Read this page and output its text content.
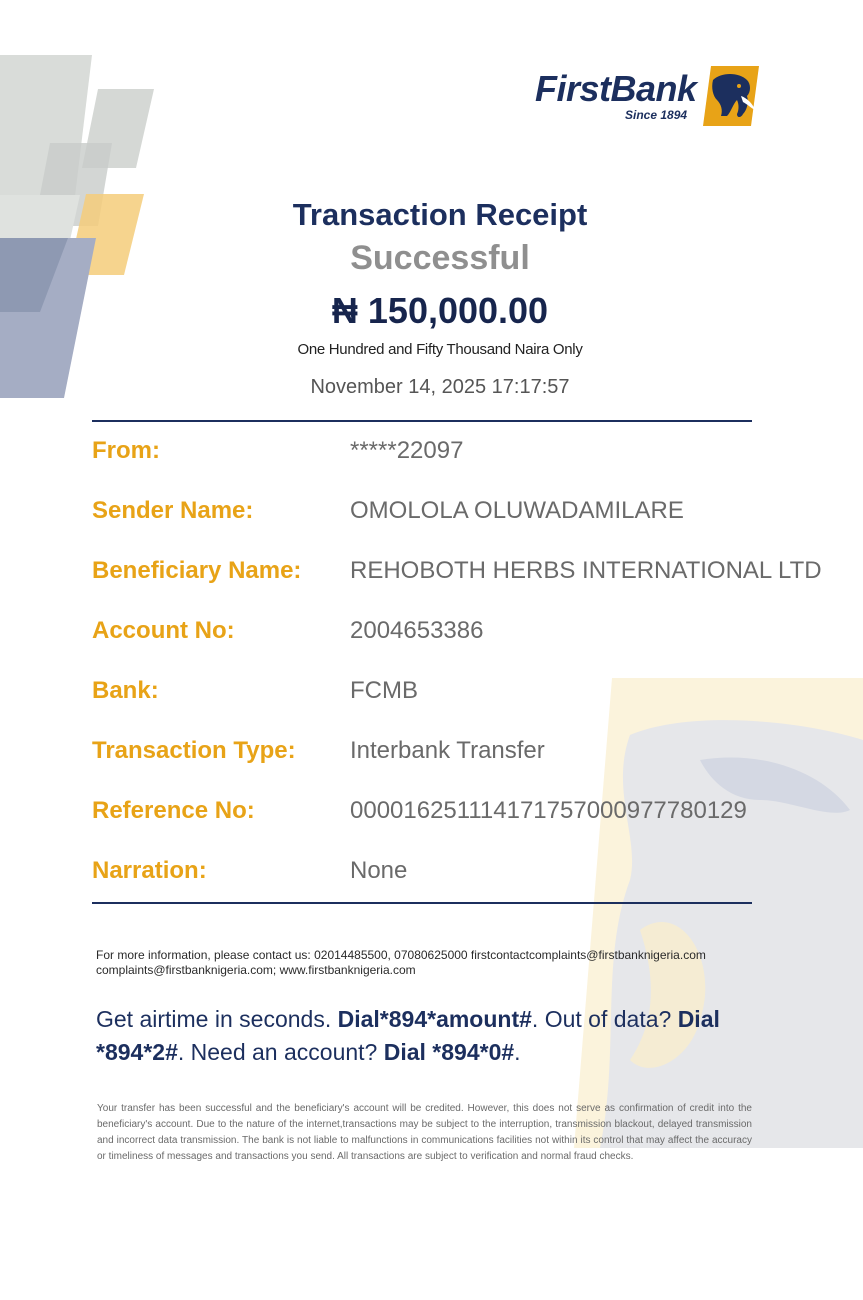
FirstBank
Since 1894
Transaction Receipt
Successful
₦ 150,000.00
One Hundred and Fifty Thousand Naira Only
November 14, 2025 17:17:57
From:	*****22097
Sender Name:	OMOLOLA OLUWADAMILARE
Beneficiary Name: REHOBOTH HERBS INTERNATIONAL LTD
Account No:	2004653386
Bank:	FCMB
Transaction Type: Interbank Transfer
Reference No:	000016251114171757000977780129
Narration:	None
For more information, please contact us: 02014485500, 07080625000 firstcontactcomplaints@firstbanknigeria.com complaints@firstbanknigeria.com; www.firstbanknigeria.com
Get airtime in seconds. Dial*894*amount#. Out of data? Dial *894*2#. Need an account? Dial *894*0#.
Your transfer has been successful and the beneficiary's account will be credited. However, this does not serve as confirmation of credit into the beneficiary's account. Due to the nature of the internet,transactions may be subject to the interruption, transmission blackout, delayed transmission and incorrect data transmission. The bank is not liable to malfunctions in communications facilities not within its control that may affect the accuracy or timeliness of messages and transactions you send. All transactions are subject to verification and normal fraud checks.
